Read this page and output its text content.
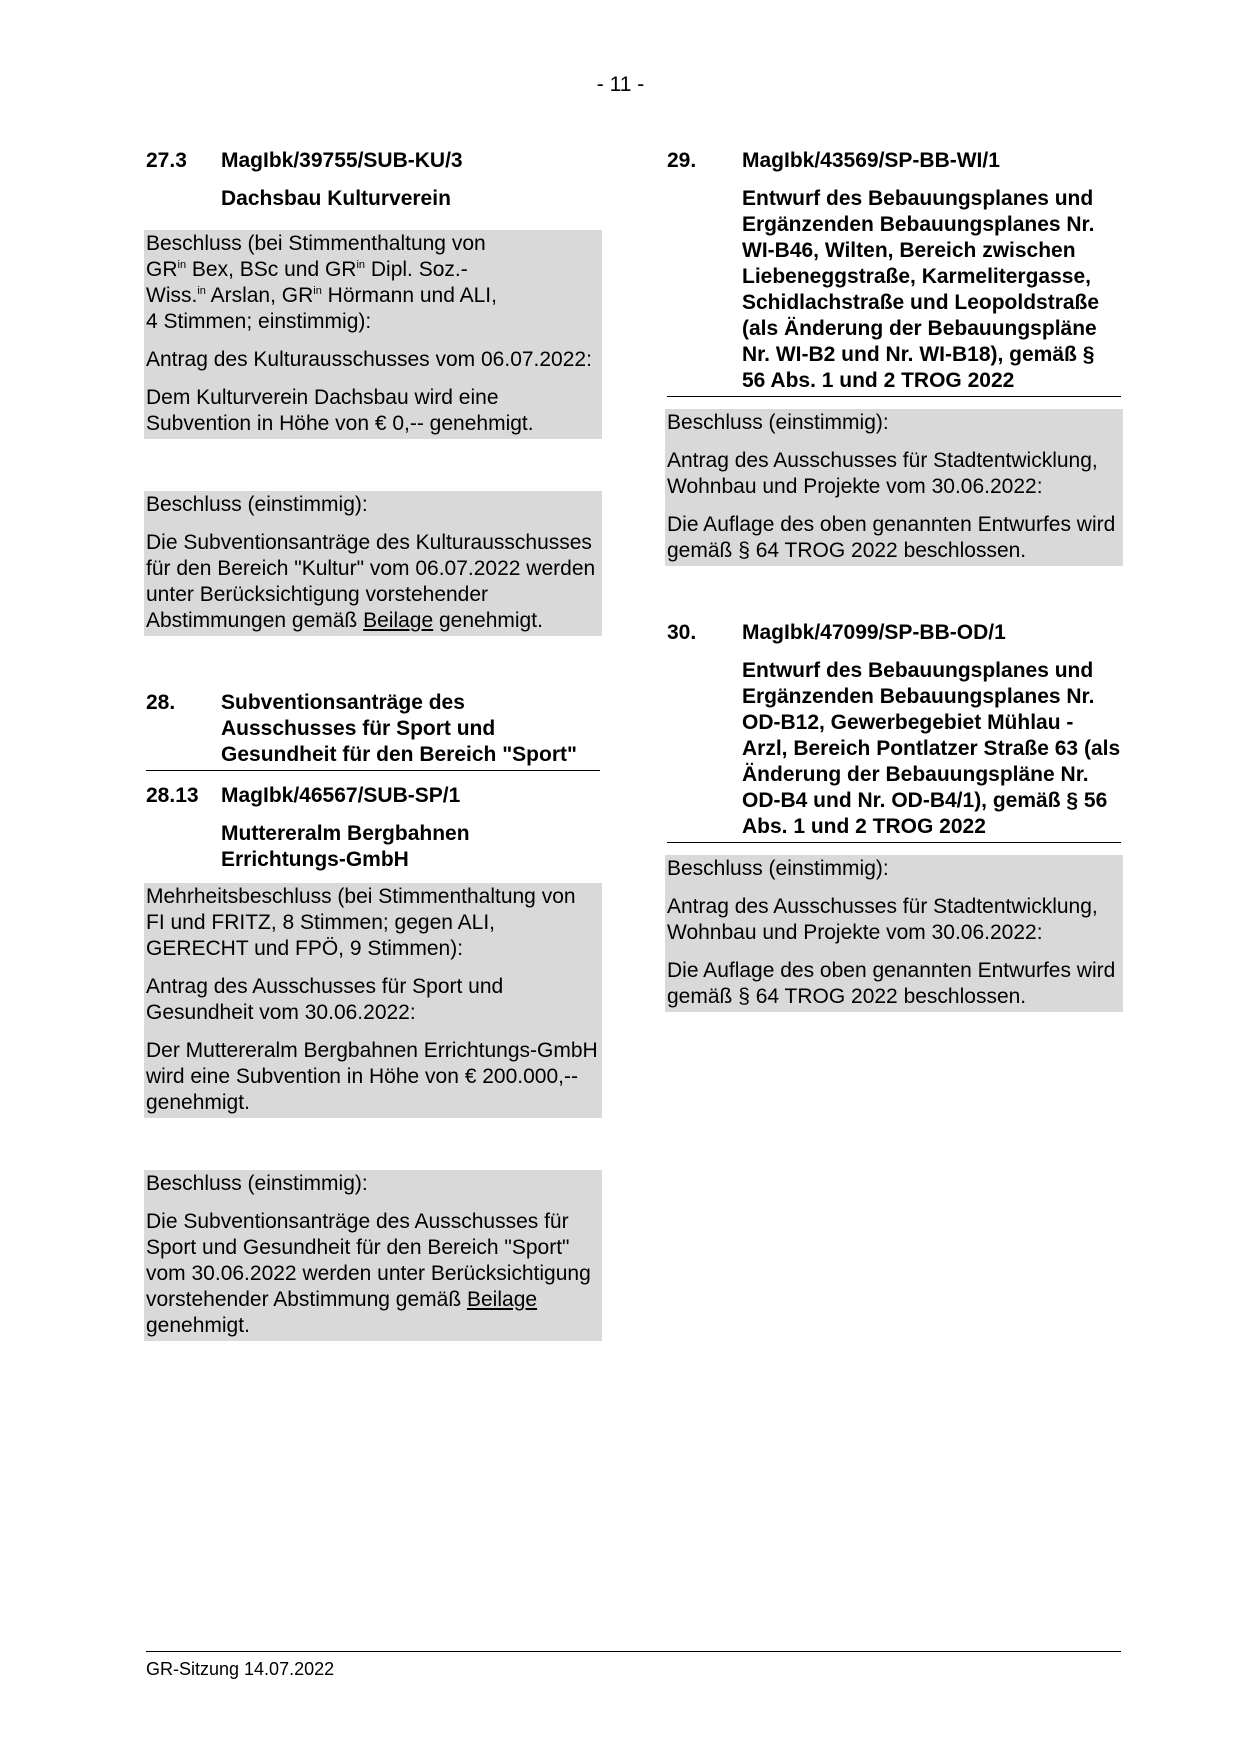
- 11 -
27.3	MagIbk/39755/SUB-KU/3
Dachsbau Kulturverein

Beschluss (bei Stimmenthaltung von
$GR^{in}$ Bex, BSc und $GR^{in}$ Dipl. Soz.-
Wiss.$^{in}$ Arslan, $GR^{in}$ Hörmann und ALI,
4 Stimmen; einstimmig):

Antrag des Kulturausschusses vom 06.07.2022:

Dem Kulturverein Dachsbau wird eine Subvention in Höhe von € 0,-- genehmigt.

Beschluss (einstimmig):

Die Subventionsanträge des Kulturausschusses für den Bereich "Kultur" vom 06.07.2022 werden unter Berücksichtigung vorstehender Abstimmungen gemäß Beilage genehmigt.

28.	Subventionsanträge des Ausschusses für Sport und Gesundheit für den Bereich "Sport"
28.13	MagIbk/46567/SUB-SP/1
Muttereralm Bergbahnen Errichtungs-GmbH

Mehrheitsbeschluss (bei Stimmenthaltung von FI und FRITZ, 8 Stimmen; gegen ALI, GERECHT und FPÖ, 9 Stimmen):

Antrag des Ausschusses für Sport und Gesundheit vom 30.06.2022:

Der Muttereralm Bergbahnen Errichtungs-GmbH wird eine Subvention in Höhe von € 200.000,-- genehmigt.

Beschluss (einstimmig):

Die Subventionsanträge des Ausschusses für Sport und Gesundheit für den Bereich "Sport" vom 30.06.2022 werden unter Berücksichtigung vorstehender Abstimmung gemäß Beilage genehmigt.

29.	MagIbk/43569/SP-BB-WI/1
Entwurf des Bebauungsplanes und Ergänzenden Bebauungsplanes Nr. WI-B46, Wilten, Bereich zwischen Liebeneggstraße, Karmelitergasse, Schidlachstraße und Leopoldstraße (als Änderung der Bebauungspläne Nr. WI-B2 und Nr. WI-B18), gemäß § 56 Abs. 1 und 2 TROG 2022

Beschluss (einstimmig):

Antrag des Ausschusses für Stadtentwicklung, Wohnbau und Projekte vom 30.06.2022:

Die Auflage des oben genannten Entwurfes wird gemäß § 64 TROG 2022 beschlossen.

30.	MagIbk/47099/SP-BB-OD/1
Entwurf des Bebauungsplanes und Ergänzenden Bebauungsplanes Nr. OD-B12, Gewerbegebiet Mühlau - Arzl, Bereich Pontlatzer Straße 63 (als Änderung der Bebauungspläne Nr. OD-B4 und Nr. OD-B4/1), gemäß § 56 Abs. 1 und 2 TROG 2022

Beschluss (einstimmig):

Antrag des Ausschusses für Stadtentwicklung, Wohnbau und Projekte vom 30.06.2022:

Die Auflage des oben genannten Entwurfes wird gemäß § 64 TROG 2022 beschlossen.

GR-Sitzung 14.07.2022
